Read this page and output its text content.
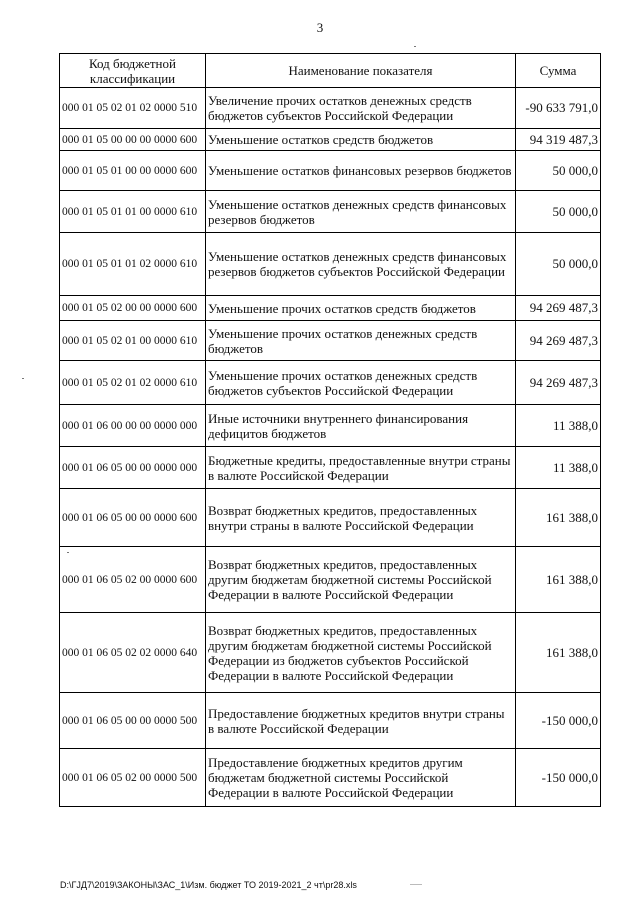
3
Код бюджетной классификации	Наименование показателя	Сумма
000 01 05 02 01 02 0000 510	Увеличение прочих остатков денежных средств бюджетов субъектов Российской Федерации	-90 633 791,0
000 01 05 00 00 00 0000 600	Уменьшение остатков средств бюджетов	94 319 487,3
000 01 05 01 00 00 0000 600	Уменьшение остатков финансовых резервов бюджетов	50 000,0
000 01 05 01 01 00 0000 610	Уменьшение остатков денежных средств финансовых резервов бюджетов	50 000,0
000 01 05 01 01 02 0000 610	Уменьшение остатков денежных средств финансовых резервов бюджетов субъектов Российской Федерации	50 000,0
000 01 05 02 00 00 0000 600	Уменьшение прочих остатков средств бюджетов	94 269 487,3
000 01 05 02 01 00 0000 610	Уменьшение прочих остатков денежных средств бюджетов	94 269 487,3
000 01 05 02 01 02 0000 610	Уменьшение прочих остатков денежных средств бюджетов субъектов Российской Федерации	94 269 487,3
000 01 06 00 00 00 0000 000	Иные источники внутреннего финансирования дефицитов бюджетов	11 388,0
000 01 06 05 00 00 0000 000	Бюджетные кредиты, предоставленные внутри страны в валюте Российской Федерации	11 388,0
000 01 06 05 00 00 0000 600	Возврат бюджетных кредитов, предоставленных внутри страны в валюте Российской Федерации	161 388,0
000 01 06 05 02 00 0000 600	Возврат бюджетных кредитов, предоставленных другим бюджетам бюджетной системы Российской Федерации в валюте Российской Федерации	161 388,0
000 01 06 05 02 02 0000 640	Возврат бюджетных кредитов, предоставленных другим бюджетам бюджетной системы Российской Федерации из бюджетов субъектов Российской Федерации в валюте Российской Федерации	161 388,0
000 01 06 05 00 00 0000 500	Предоставление бюджетных кредитов внутри страны в валюте Российской Федерации	-150 000,0
000 01 06 05 02 00 0000 500	Предоставление бюджетных кредитов другим бюджетам бюджетной системы Российской Федерации в валюте Российской Федерации	-150 000,0
D:\ГЈД7\2019\ЗАКОНЫ\ЗАС_1\Изм. бюджет ТО 2019-2021_2 чт\pr28.xls
